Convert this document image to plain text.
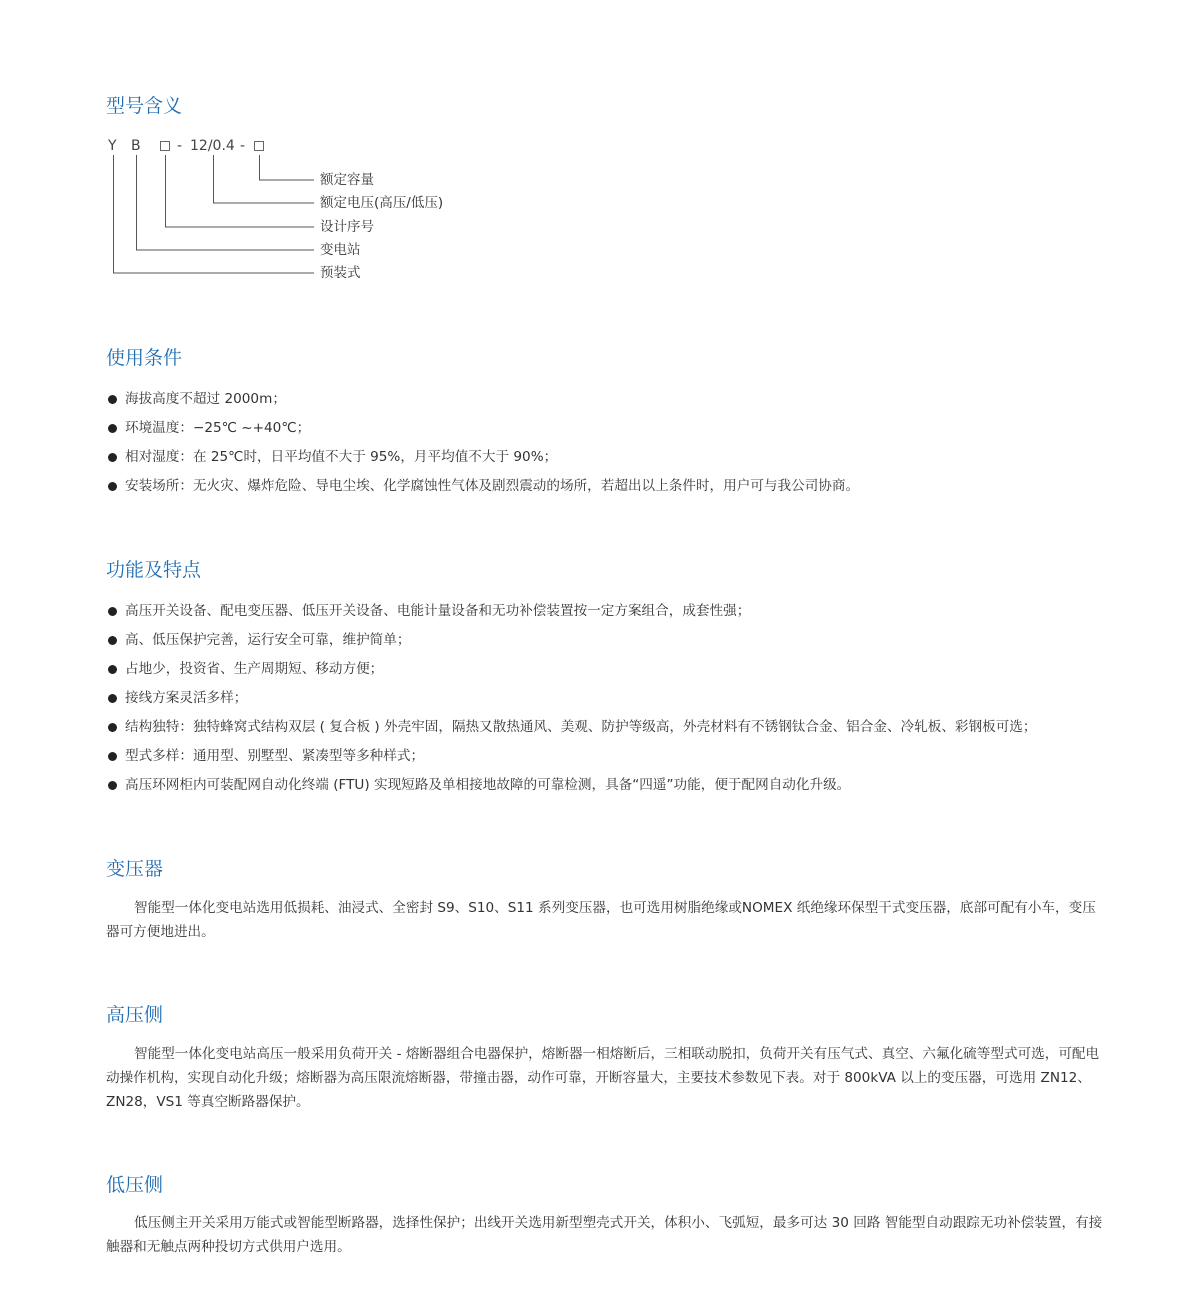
型号含义
Y B	- 12/0.4 -
额定容量
额定电压(高压/低压)
设计序号
变电站
预装式
使用条件
海拔高度不超过 2000m；
环境温度：−25℃ ~+40℃；
相对湿度：在 25℃时，日平均值不大于 95%，月平均值不大于 90%；
安装场所：无火灾、爆炸危险、导电尘埃、化学腐蚀性气体及剧烈震动的场所，若超出以上条件时，用户可与我公司协商。
功能及特点
高压开关设备、配电变压器、低压开关设备、电能计量设备和无功补偿装置按一定方案组合，成套性强；
高、低压保护完善，运行安全可靠，维护简单；
占地少，投资省、生产周期短、移动方便；
接线方案灵活多样；
结构独特：独特蜂窝式结构双层 ( 复合板 ) 外壳牢固，隔热又散热通风、美观、防护等级高，外壳材料有不锈钢钛合金、铝合金、冷轧板、彩钢板可选；
型式多样：通用型、别墅型、紧凑型等多种样式；
高压环网柜内可装配网自动化终端 (FTU) 实现短路及单相接地故障的可靠检测，具备“四遥”功能，便于配网自动化升级。
变压器

智能型一体化变电站选用低损耗、油浸式、全密封 S9、S10、S11 系列变压器，也可选用树脂绝缘或NOMEX 纸绝缘环保型干式变压器，底部可配有小车，变压器可方便地进出。

高压侧

智能型一体化变电站高压一般采用负荷开关 - 熔断器组合电器保护，熔断器一相熔断后，三相联动脱扣，负荷开关有压气式、真空、六氟化硫等型式可选，可配电动操作机构，实现自动化升级；熔断器为高压限流熔断器，带撞击器，动作可靠，开断容量大，主要技术参数见下表。对于 800kVA 以上的变压器，可选用 ZN12、 ZN28，VS1 等真空断路器保护。

低压侧

低压侧主开关采用万能式或智能型断路器，选择性保护；出线开关选用新型塑壳式开关，体积小、飞弧短，最多可达 30 回路 智能型自动跟踪无功补偿装置，有接触器和无触点两种投切方式供用户选用。
